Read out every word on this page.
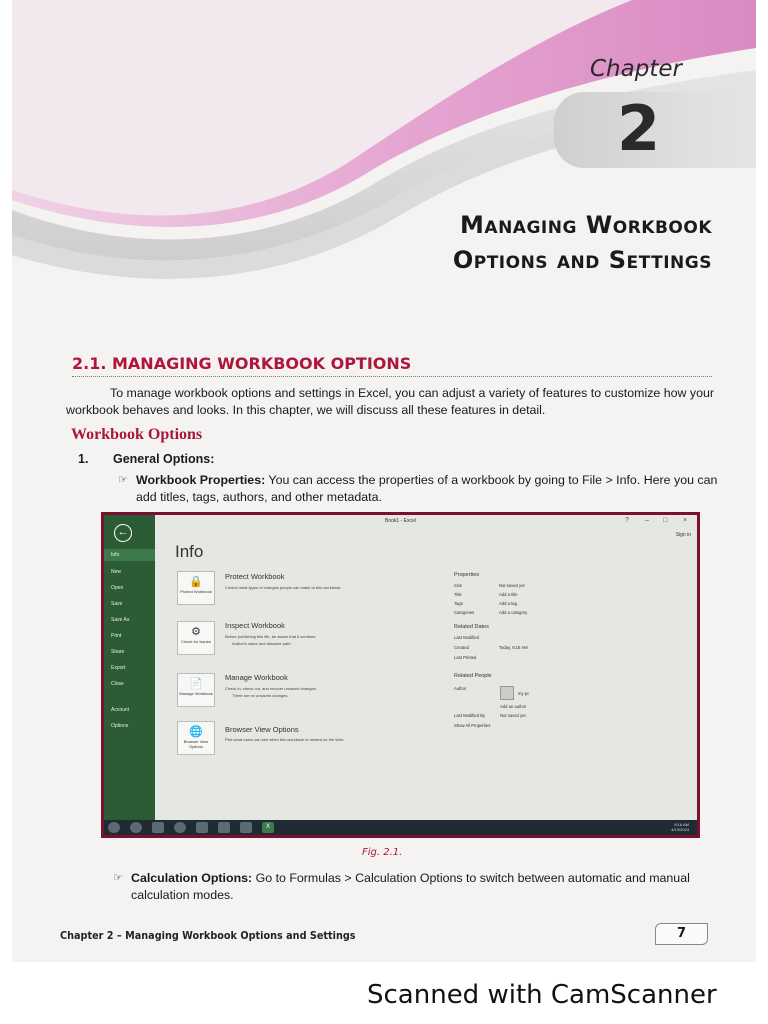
Chapter
2
Managing Workbook
Options and Settings
2.1. MANAGING WORKBOOK OPTIONS
To manage workbook options and settings in Excel, you can adjust a variety of features to customize how your workbook behaves and looks. In this chapter, we will discuss all these features in detail.
Workbook Options
1. General Options:
☞ Workbook Properties: You can access the properties of a workbook by going to File > Info. Here you can add titles, tags, authors, and other metadata.
←
Info
New
Open
Save
Save As
Print
Share
Export
Close
Account
Options
Book1 - Excel	? – □ ×
Sign in
Info
🔒
Protect Workbook
Protect Workbook
Control what types of changes people can make to this workbook.
⚙
Check for Issues
Inspect Workbook
Before publishing this file, be aware that it contains:
Author's name and absolute path
📄
Manage Workbook
Manage Workbook
Check in, check out, and recover unsaved changes.
There are no unsaved changes.
🌐
Browser View Options
Browser View Options
Pick what users can see when this workbook is viewed on the Web.
Properties
Size	Not saved yet
Title	Add a title
Tags	Add a tag
Categories	Add a category
Related Dates
Last Modified
Created	Today, 8:16 AM
Last Printed
Related People
Author
my pc
Add an author
Last Modified By	Not saved yet
Show All Properties
X	8:16 AM
4/10/2024
Fig. 2.1.
☞ Calculation Options: Go to Formulas > Calculation Options to switch between automatic and manual calculation modes.
Chapter 2 – Managing Workbook Options and Settings	7
Scanned with CamScanner
